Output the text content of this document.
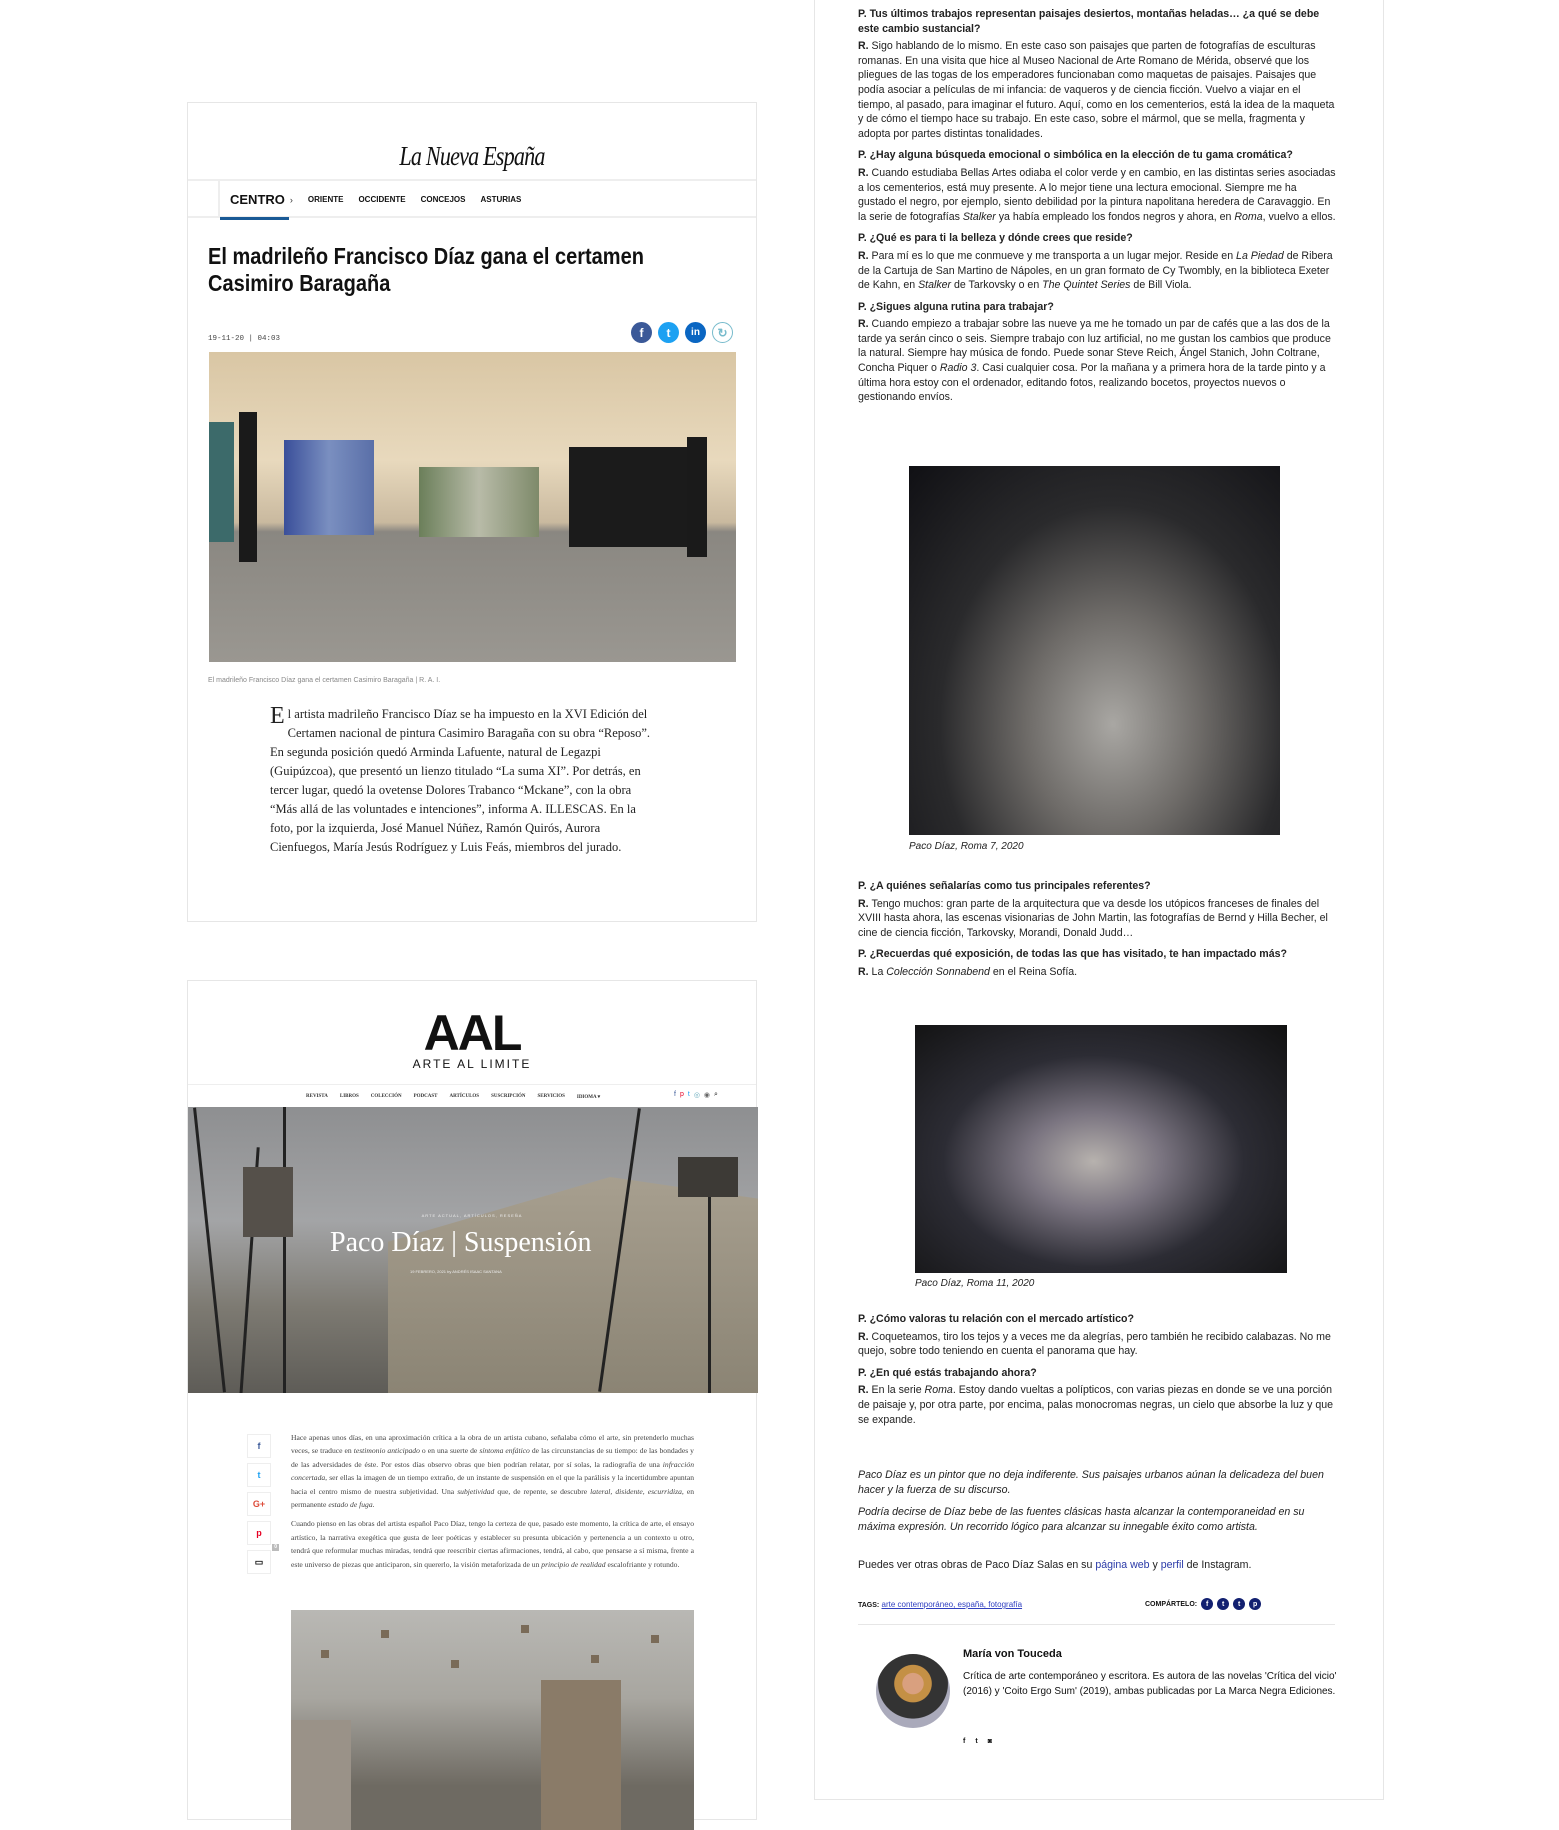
La Nueva España
CENTRO › ORIENTE OCCIDENTE CONCEJOS ASTURIAS
El madrileño Francisco Díaz gana el certamen Casimiro Baragaña
19-11-20 | 04:03	f	t	in	↻
El madrileño Francisco Díaz gana el certamen Casimiro Baragaña | R. A. I.
El artista madrileño Francisco Díaz se ha impuesto en la XVI Edición del Certamen nacional de pintura Casimiro Baragaña con su obra “Reposo”. En segunda posición quedó Arminda Lafuente, natural de Legazpi (Guipúzcoa), que presentó un lienzo titulado “La suma XI”. Por detrás, en tercer lugar, quedó la ovetense Dolores Trabanco “Mckane”, con la obra “Más allá de las voluntades e intenciones”, informa A. ILLESCAS. En la foto, por la izquierda, José Manuel Núñez, Ramón Quirós, Aurora Cienfuegos, María Jesús Rodríguez y Luis Feás, miembros del jurado.
AAL
ARTE AL LIMITE
REVISTA LIBROS COLECCIÓN PODCAST ARTÍCULOS SUSCRIPCIÓN SERVICIOS IDIOMA ▾	f p t ◎ ◉ ⌕
ARTE ACTUAL, ARTÍCULOS, RESEÑA
Paco Díaz | Suspensión
19 FEBRERO, 2021 by ANDRÉS ISAAC SANTANA
f
t
G+
p
▭
0

Hace apenas unos días, en una aproximación crítica a la obra de un artista cubano, señalaba cómo el arte, sin pretenderlo muchas veces, se traduce en testimonio anticipado o en una suerte de síntoma enfático de las circunstancias de su tiempo: de las bondades y de las adversidades de éste. Por estos días observo obras que bien podrían relatar, por sí solas, la radiografía de una infracción concertada, ser ellas la imagen de un tiempo extraño, de un instante de suspensión en el que la parálisis y la incertidumbre apuntan hacia el centro mismo de nuestra subjetividad. Una subjetividad que, de repente, se descubre lateral, disidente, escurridiza, en permanente estado de fuga.

Cuando pienso en las obras del artista español Paco Díaz, tengo la certeza de que, pasado este momento, la crítica de arte, el ensayo artístico, la narrativa exegética que gusta de leer poéticas y establecer su presunta ubicación y pertenencia a un contexto u otro, tendrá que reformular muchas miradas, tendrá que reescribir ciertas afirmaciones, tendrá, al cabo, que pensarse a sí misma, frente a este universo de piezas que anticiparon, sin quererlo, la visión metaforizada de un principio de realidad escalofriante y rotundo.

P. Tus últimos trabajos representan paisajes desiertos, montañas heladas… ¿a qué se debe este cambio sustancial?

R. Sigo hablando de lo mismo. En este caso son paisajes que parten de fotografías de esculturas romanas. En una visita que hice al Museo Nacional de Arte Romano de Mérida, observé que los pliegues de las togas de los emperadores funcionaban como maquetas de paisajes. Paisajes que podía asociar a películas de mi infancia: de vaqueros y de ciencia ficción. Vuelvo a viajar en el tiempo, al pasado, para imaginar el futuro. Aquí, como en los cementerios, está la idea de la maqueta y de cómo el tiempo hace su trabajo. En este caso, sobre el mármol, que se mella, fragmenta y adopta por partes distintas tonalidades.

P. ¿Hay alguna búsqueda emocional o simbólica en la elección de tu gama cromática?

R. Cuando estudiaba Bellas Artes odiaba el color verde y en cambio, en las distintas series asociadas a los cementerios, está muy presente. A lo mejor tiene una lectura emocional. Siempre me ha gustado el negro, por ejemplo, siento debilidad por la pintura napolitana heredera de Caravaggio. En la serie de fotografías Stalker ya había empleado los fondos negros y ahora, en Roma, vuelvo a ellos.

P. ¿Qué es para ti la belleza y dónde crees que reside?

R. Para mí es lo que me conmueve y me transporta a un lugar mejor. Reside en La Piedad de Ribera de la Cartuja de San Martino de Nápoles, en un gran formato de Cy Twombly, en la biblioteca Exeter de Kahn, en Stalker de Tarkovsky o en The Quintet Series de Bill Viola.

P. ¿Sigues alguna rutina para trabajar?

R. Cuando empiezo a trabajar sobre las nueve ya me he tomado un par de cafés que a las dos de la tarde ya serán cinco o seis. Siempre trabajo con luz artificial, no me gustan los cambios que produce la natural. Siempre hay música de fondo. Puede sonar Steve Reich, Ángel Stanich, John Coltrane, Concha Piquer o Radio 3. Casi cualquier cosa. Por la mañana y a primera hora de la tarde pinto y a última hora estoy con el ordenador, editando fotos, realizando bocetos, proyectos nuevos o gestionando envíos.

Paco Díaz, Roma 7, 2020

P. ¿A quiénes señalarías como tus principales referentes?

R. Tengo muchos: gran parte de la arquitectura que va desde los utópicos franceses de finales del XVIII hasta ahora, las escenas visionarias de John Martin, las fotografías de Bernd y Hilla Becher, el cine de ciencia ficción, Tarkovsky, Morandi, Donald Judd…

P. ¿Recuerdas qué exposición, de todas las que has visitado, te han impactado más?

R. La Colección Sonnabend en el Reina Sofía.

Paco Díaz, Roma 11, 2020

P. ¿Cómo valoras tu relación con el mercado artístico?

R. Coqueteamos, tiro los tejos y a veces me da alegrías, pero también he recibido calabazas. No me quejo, sobre todo teniendo en cuenta el panorama que hay.

P. ¿En qué estás trabajando ahora?

R. En la serie Roma. Estoy dando vueltas a polípticos, con varias piezas en donde se ve una porción de paisaje y, por otra parte, por encima, palas monocromas negras, un cielo que absorbe la luz y que se expande.

Paco Díaz es un pintor que no deja indiferente. Sus paisajes urbanos aúnan la delicadeza del buen hacer y la fuerza de su discurso.

Podría decirse de Díaz bebe de las fuentes clásicas hasta alcanzar la contemporaneidad en su máxima expresión. Un recorrido lógico para alcanzar su innegable éxito como artista.

Puedes ver otras obras de Paco Díaz Salas en su página web y perfil de Instagram.
TAGS: arte contemporáneo, españa, fotografía	COMPÁRTELO:	f	t	t	p
María von Touceda
Crítica de arte contemporáneo y escritora. Es autora de las novelas 'Crítica del vicio' (2016) y 'Coito Ergo Sum' (2019), ambas publicadas por La Marca Negra Ediciones.
f t ◙
